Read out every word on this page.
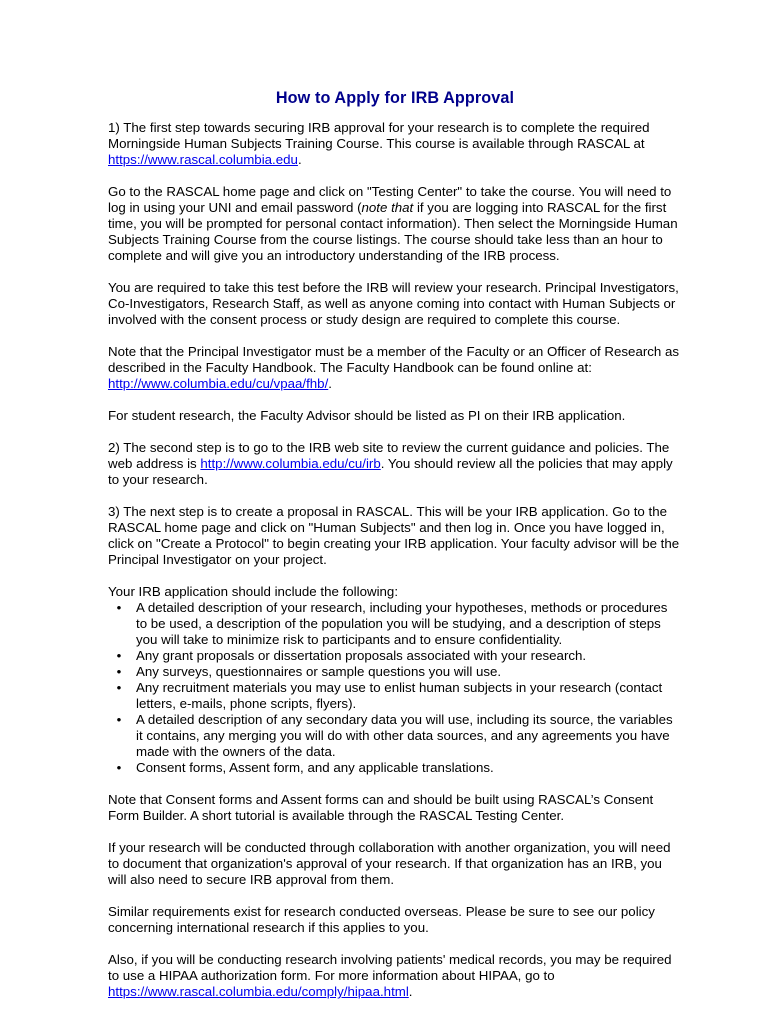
How to Apply for IRB Approval

1) The first step towards securing IRB approval for your research is to complete the required Morningside Human Subjects Training Course. This course is available through RASCAL at https://www.rascal.columbia.edu.

Go to the RASCAL home page and click on "Testing Center" to take the course. You will need to log in using your UNI and email password (note that if you are logging into RASCAL for the first time, you will be prompted for personal contact information). Then select the Morningside Human Subjects Training Course from the course listings. The course should take less than an hour to complete and will give you an introductory understanding of the IRB process.

You are required to take this test before the IRB will review your research. Principal Investigators, Co-Investigators, Research Staff, as well as anyone coming into contact with Human Subjects or involved with the consent process or study design are required to complete this course.

Note that the Principal Investigator must be a member of the Faculty or an Officer of Research as described in the Faculty Handbook. The Faculty Handbook can be found online at: http://www.columbia.edu/cu/vpaa/fhb/.

For student research, the Faculty Advisor should be listed as PI on their IRB application.

2) The second step is to go to the IRB web site to review the current guidance and policies. The web address is http://www.columbia.edu/cu/irb. You should review all the policies that may apply to your research.

3) The next step is to create a proposal in RASCAL. This will be your IRB application. Go to the RASCAL home page and click on "Human Subjects" and then log in. Once you have logged in, click on "Create a Protocol" to begin creating your IRB application. Your faculty advisor will be the Principal Investigator on your project.

Your IRB application should include the following:
• A detailed description of your research, including your hypotheses, methods or procedures to be used, a description of the population you will be studying, and a description of steps you will take to minimize risk to participants and to ensure confidentiality.
• Any grant proposals or dissertation proposals associated with your research.
• Any surveys, questionnaires or sample questions you will use.
• Any recruitment materials you may use to enlist human subjects in your research (contact letters, e-mails, phone scripts, flyers).
• A detailed description of any secondary data you will use, including its source, the variables it contains, any merging you will do with other data sources, and any agreements you have made with the owners of the data.
• Consent forms, Assent form, and any applicable translations.

Note that Consent forms and Assent forms can and should be built using RASCAL’s Consent Form Builder. A short tutorial is available through the RASCAL Testing Center.

If your research will be conducted through collaboration with another organization, you will need to document that organization's approval of your research. If that organization has an IRB, you will also need to secure IRB approval from them.

Similar requirements exist for research conducted overseas. Please be sure to see our policy concerning international research if this applies to you.

Also, if you will be conducting research involving patients' medical records, you may be required to use a HIPAA authorization form. For more information about HIPAA, go to https://www.rascal.columbia.edu/comply/hipaa.html.
